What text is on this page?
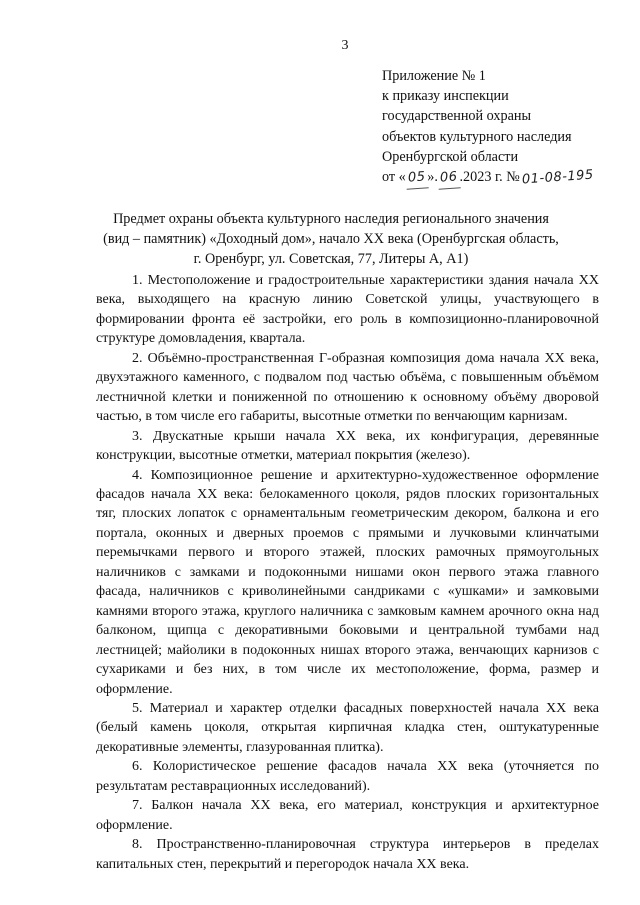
3
Приложение № 1
к приказу инспекции
государственной охраны
объектов культурного наследия
Оренбургской области
от «05 ».06 .2023 г. № 01-08-195
Предмет охраны объекта культурного наследия регионального значения
(вид – памятник) «Доходный дом», начало XX века (Оренбургская область,
г. Оренбург, ул. Советская, 77, Литеры А, А1)

1. Местоположение и градостроительные характеристики здания начала XX века, выходящего на красную линию Советской улицы, участвующего в формировании фронта её застройки, его роль в композиционно-планировочной структуре домовладения, квартала.

2. Объёмно-пространственная Г-образная композиция дома начала XX века, двухэтажного каменного, с подвалом под частью объёма, с повышенным объёмом лестничной клетки и пониженной по отношению к основному объёму дворовой частью, в том числе его габариты, высотные отметки по венчающим карнизам.

3. Двускатные крыши начала XX века, их конфигурация, деревянные конструкции, высотные отметки, материал покрытия (железо).

4. Композиционное решение и архитектурно-художественное оформление фасадов начала XX века: белокаменного цоколя, рядов плоских горизонтальных тяг, плоских лопаток с орнаментальным геометрическим декором, балкона и его портала, оконных и дверных проемов с прямыми и лучковыми клинчатыми перемычками первого и второго этажей, плоских рамочных прямоугольных наличников с замками и подоконными нишами окон первого этажа главного фасада, наличников с криволинейными сандриками с «ушками» и замковыми камнями второго этажа, круглого наличника с замковым камнем арочного окна над балконом, щипца с декоративными боковыми и центральной тумбами над лестницей; майолики в подоконных нишах второго этажа, венчающих карнизов с сухариками и без них, в том числе их местоположение, форма, размер и оформление.

5. Материал и характер отделки фасадных поверхностей начала XX века (белый камень цоколя, открытая кирпичная кладка стен, оштукатуренные декоративные элементы, глазурованная плитка).

6. Колористическое решение фасадов начала XX века (уточняется по результатам реставрационных исследований).

7. Балкон начала XX века, его материал, конструкция и архитектурное оформление.

8. Пространственно-планировочная структура интерьеров в пределах капитальных стен, перекрытий и перегородок начала XX века.
